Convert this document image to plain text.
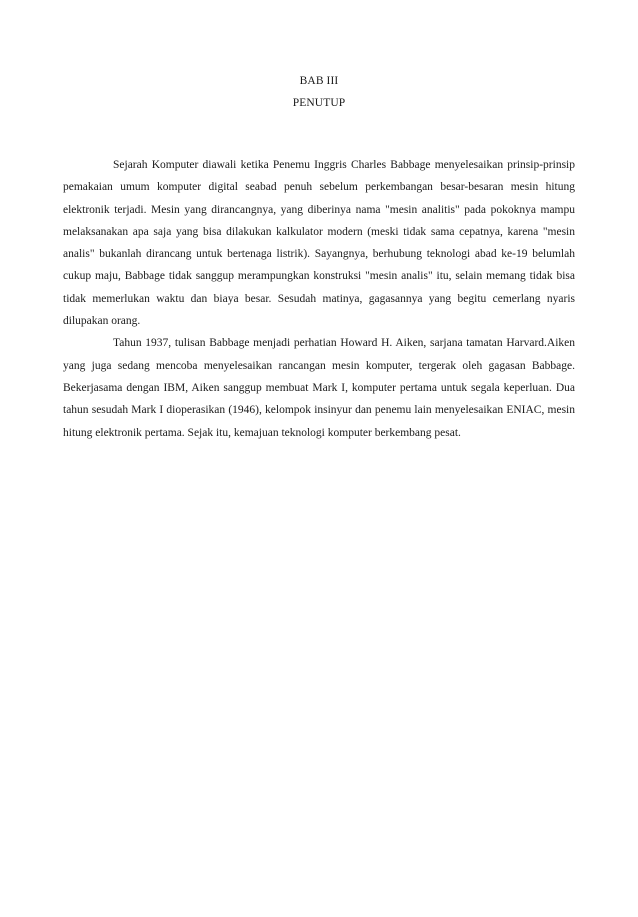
BAB III
PENUTUP

Sejarah Komputer diawali ketika Penemu Inggris Charles Babbage menyelesaikan prinsip-prinsip pemakaian umum komputer digital seabad penuh sebelum perkembangan besar-besaran mesin hitung elektronik terjadi. Mesin yang dirancangnya, yang diberinya nama "mesin analitis" pada pokoknya mampu melaksanakan apa saja yang bisa dilakukan kalkulator modern (meski tidak sama cepatnya, karena "mesin analis" bukanlah dirancang untuk bertenaga listrik). Sayangnya, berhubung teknologi abad ke-19 belumlah cukup maju, Babbage tidak sanggup merampungkan konstruksi "mesin analis" itu, selain memang tidak bisa tidak memerlukan waktu dan biaya besar. Sesudah matinya, gagasannya yang begitu cemerlang nyaris dilupakan orang.

Tahun 1937, tulisan Babbage menjadi perhatian Howard H. Aiken, sarjana tamatan Harvard.Aiken yang juga sedang mencoba menyelesaikan rancangan mesin komputer, tergerak oleh gagasan Babbage. Bekerjasama dengan IBM, Aiken sanggup membuat Mark I, komputer pertama untuk segala keperluan. Dua tahun sesudah Mark I dioperasikan (1946), kelompok insinyur dan penemu lain menyelesaikan ENIAC, mesin hitung elektronik pertama. Sejak itu, kemajuan teknologi komputer berkembang pesat.
